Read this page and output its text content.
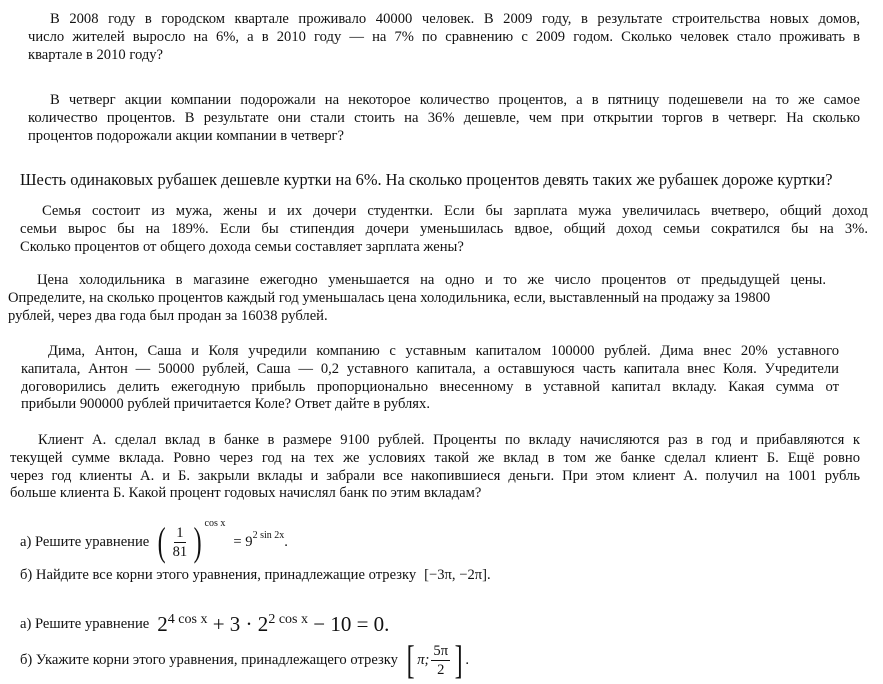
В 2008 году в городском квартале проживало 40000 человек. В 2009 году, в результате строительства новых домов,
число жителей выросло на 6%, а в 2010 году — на 7% по сравнению с 2009 годом. Сколько человек стало проживать в
квартале в 2010 году?
В четверг акции компании подорожали на некоторое количество процентов, а в пятницу подешевели на то же самое
количество процентов. В результате они стали стоить на 36% дешевле, чем при открытии торгов в четверг. На сколько
процентов подорожали акции компании в четверг?
Шесть одинаковых рубашек дешевле куртки на 6%. На сколько процентов девять таких же рубашек дороже куртки?
Семья состоит из мужа, жены и их дочери студентки. Если бы зарплата мужа увеличилась вчетверо, общий доход
семьи вырос бы на 189%. Если бы стипендия дочери уменьшилась вдвое, общий доход семьи сократился бы на 3%.
Сколько процентов от общего дохода семьи составляет зарплата жены?
Цена холодильника в магазине ежегодно уменьшается на одно и то же число процентов от предыдущей цены.
Определите, на сколько процентов каждый год уменьшалась цена холодильника, если, выставленный на продажу за 19800
рублей, через два года был продан за 16038 рублей.
Дима, Антон, Саша и Коля учредили компанию с уставным капиталом 100000 рублей. Дима внес 20% уставного
капитала, Антон — 50000 рублей, Саша — 0,2 уставного капитала, а оставшуюся часть капитала внес Коля. Учредители
договорились делить ежегодную прибыль пропорционально внесенному в уставной капитал вкладу. Какая сумма от
прибыли 900000 рублей причитается Коле? Ответ дайте в рублях.
Клиент А. сделал вклад в банке в размере 9100 рублей. Проценты по вкладу начисляются раз в год и прибавляются к
текущей сумме вклада. Ровно через год на тех же условиях такой же вклад в том же банке сделал клиент Б. Ещё ровно
через год клиенты А. и Б. закрыли вклады и забрали все накопившиеся деньги. При этом клиент А. получил на 1001 рубль
больше клиента Б. Какой процент годовых начислял банк по этим вкладам?
а) Решите уравнение ( $\frac{1}{81}$ ) cos x
= $9^{2 sin 2x}$ .
б) Найдите все корни этого уравнения, принадлежащие отрезку [−3π, −2π].
а) Решите уравнение $2^{4 cos x} + 3 \cdot 2^{2 cos x} - 10 = 0$.
б) Укажите корни этого уравнения, принадлежащего отрезку [ π; $\frac{5\pi}{2}$ ] .
